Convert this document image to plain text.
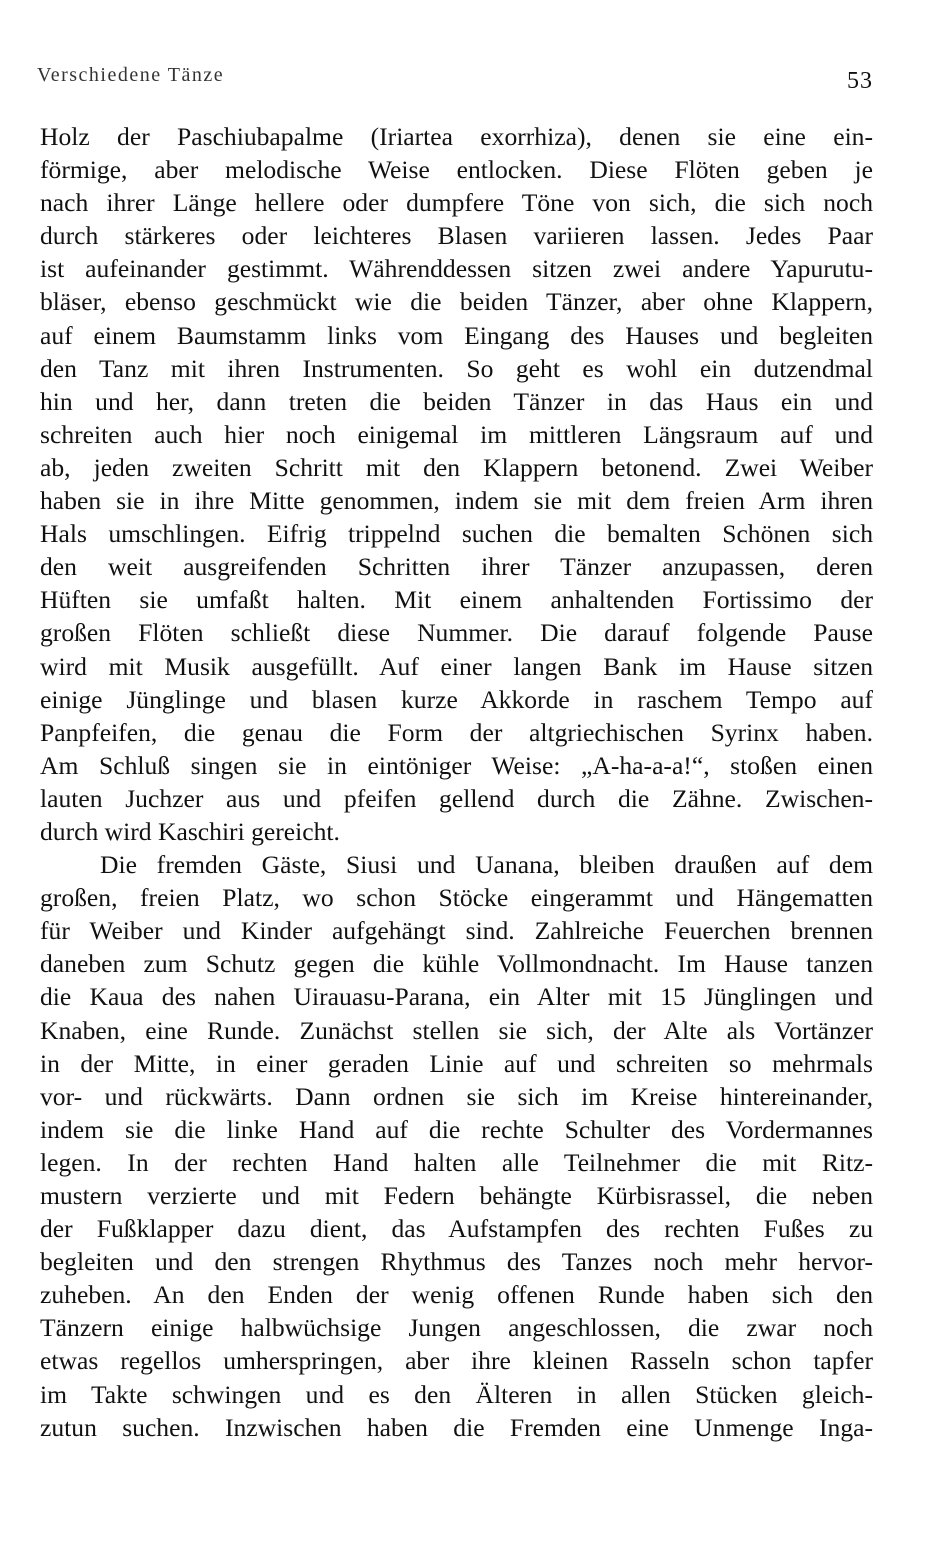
Verschiedene Tänze	53
Holz der Paschiubapalme (Iriartea exorrhiza), denen sie eine ein-
förmige, aber melodische Weise entlocken. Diese Flöten geben je
nach ihrer Länge hellere oder dumpfere Töne von sich, die sich noch
durch stärkeres oder leichteres Blasen variieren lassen. Jedes Paar
ist aufeinander gestimmt. Währenddessen sitzen zwei andere Yapurutu-
bläser, ebenso geschmückt wie die beiden Tänzer, aber ohne Klappern,
auf einem Baumstamm links vom Eingang des Hauses und begleiten
den Tanz mit ihren Instrumenten. So geht es wohl ein dutzendmal
hin und her, dann treten die beiden Tänzer in das Haus ein und
schreiten auch hier noch einigemal im mittleren Längsraum auf und
ab, jeden zweiten Schritt mit den Klappern betonend. Zwei Weiber
haben sie in ihre Mitte genommen, indem sie mit dem freien Arm ihren
Hals umschlingen. Eifrig trippelnd suchen die bemalten Schönen sich
den weit ausgreifenden Schritten ihrer Tänzer anzupassen, deren
Hüften sie umfaßt halten. Mit einem anhaltenden Fortissimo der
großen Flöten schließt diese Nummer. Die darauf folgende Pause
wird mit Musik ausgefüllt. Auf einer langen Bank im Hause sitzen
einige Jünglinge und blasen kurze Akkorde in raschem Tempo auf
Panpfeifen, die genau die Form der altgriechischen Syrinx haben.
Am Schluß singen sie in eintöniger Weise: „A-ha-a-a!“, stoßen einen
lauten Juchzer aus und pfeifen gellend durch die Zähne. Zwischen-
durch wird Kaschiri gereicht.
Die fremden Gäste, Siusi und Uanana, bleiben draußen auf dem
großen, freien Platz, wo schon Stöcke eingerammt und Hängematten
für Weiber und Kinder aufgehängt sind. Zahlreiche Feuerchen brennen
daneben zum Schutz gegen die kühle Vollmondnacht. Im Hause tanzen
die Kaua des nahen Uirauasu-Parana, ein Alter mit 15 Jünglingen und
Knaben, eine Runde. Zunächst stellen sie sich, der Alte als Vortänzer
in der Mitte, in einer geraden Linie auf und schreiten so mehrmals
vor- und rückwärts. Dann ordnen sie sich im Kreise hintereinander,
indem sie die linke Hand auf die rechte Schulter des Vordermannes
legen. In der rechten Hand halten alle Teilnehmer die mit Ritz-
mustern verzierte und mit Federn behängte Kürbisrassel, die neben
der Fußklapper dazu dient, das Aufstampfen des rechten Fußes zu
begleiten und den strengen Rhythmus des Tanzes noch mehr hervor-
zuheben. An den Enden der wenig offenen Runde haben sich den
Tänzern einige halbwüchsige Jungen angeschlossen, die zwar noch
etwas regellos umherspringen, aber ihre kleinen Rasseln schon tapfer
im Takte schwingen und es den Älteren in allen Stücken gleich-
zutun suchen. Inzwischen haben die Fremden eine Unmenge Inga-
